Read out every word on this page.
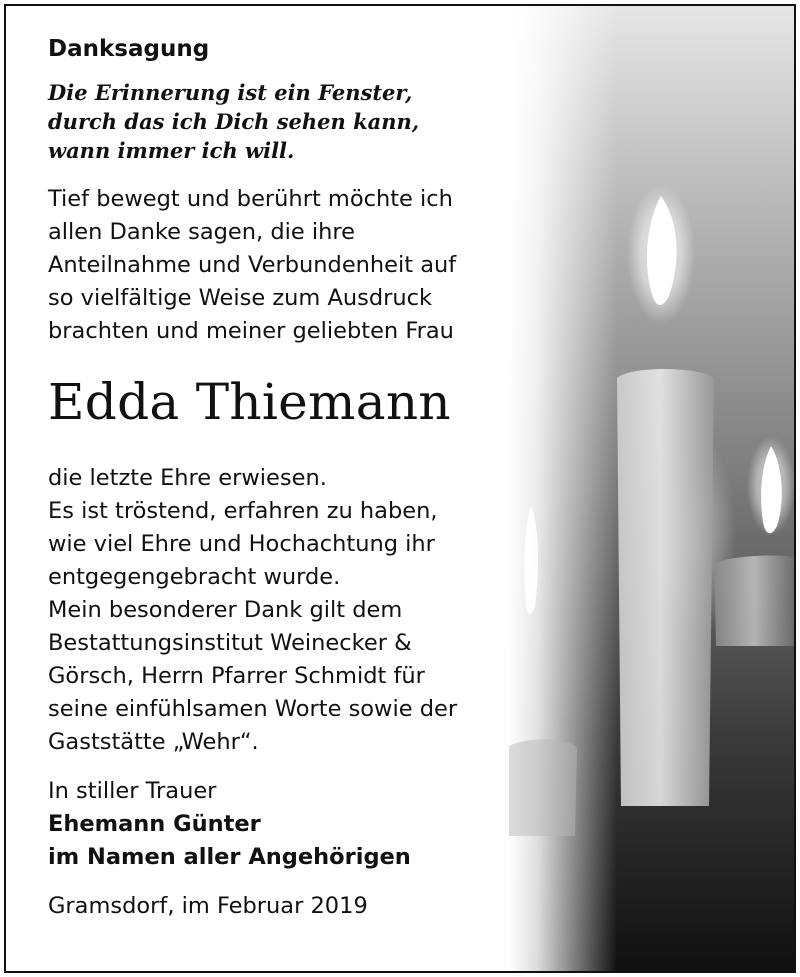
Danksagung
Die Erinnerung ist ein Fenster,
durch das ich Dich sehen kann,
wann immer ich will.

Tief bewegt und berührt möchte ich
allen Danke sagen, die ihre
Anteilnahme und Verbundenheit auf
so vielfältige Weise zum Ausdruck
brachten und meiner geliebten Frau

Edda Thiemann

die letzte Ehre erwiesen.
Es ist tröstend, erfahren zu haben,
wie viel Ehre und Hochachtung ihr
entgegengebracht wurde.
Mein besonderer Dank gilt dem
Bestattungsinstitut Weinecker &
Görsch, Herrn Pfarrer Schmidt für
seine einfühlsamen Worte sowie der
Gaststätte „Wehr“.

In stiller Trauer

Ehemann Günter

im Namen aller Angehörigen

Gramsdorf, im Februar 2019
